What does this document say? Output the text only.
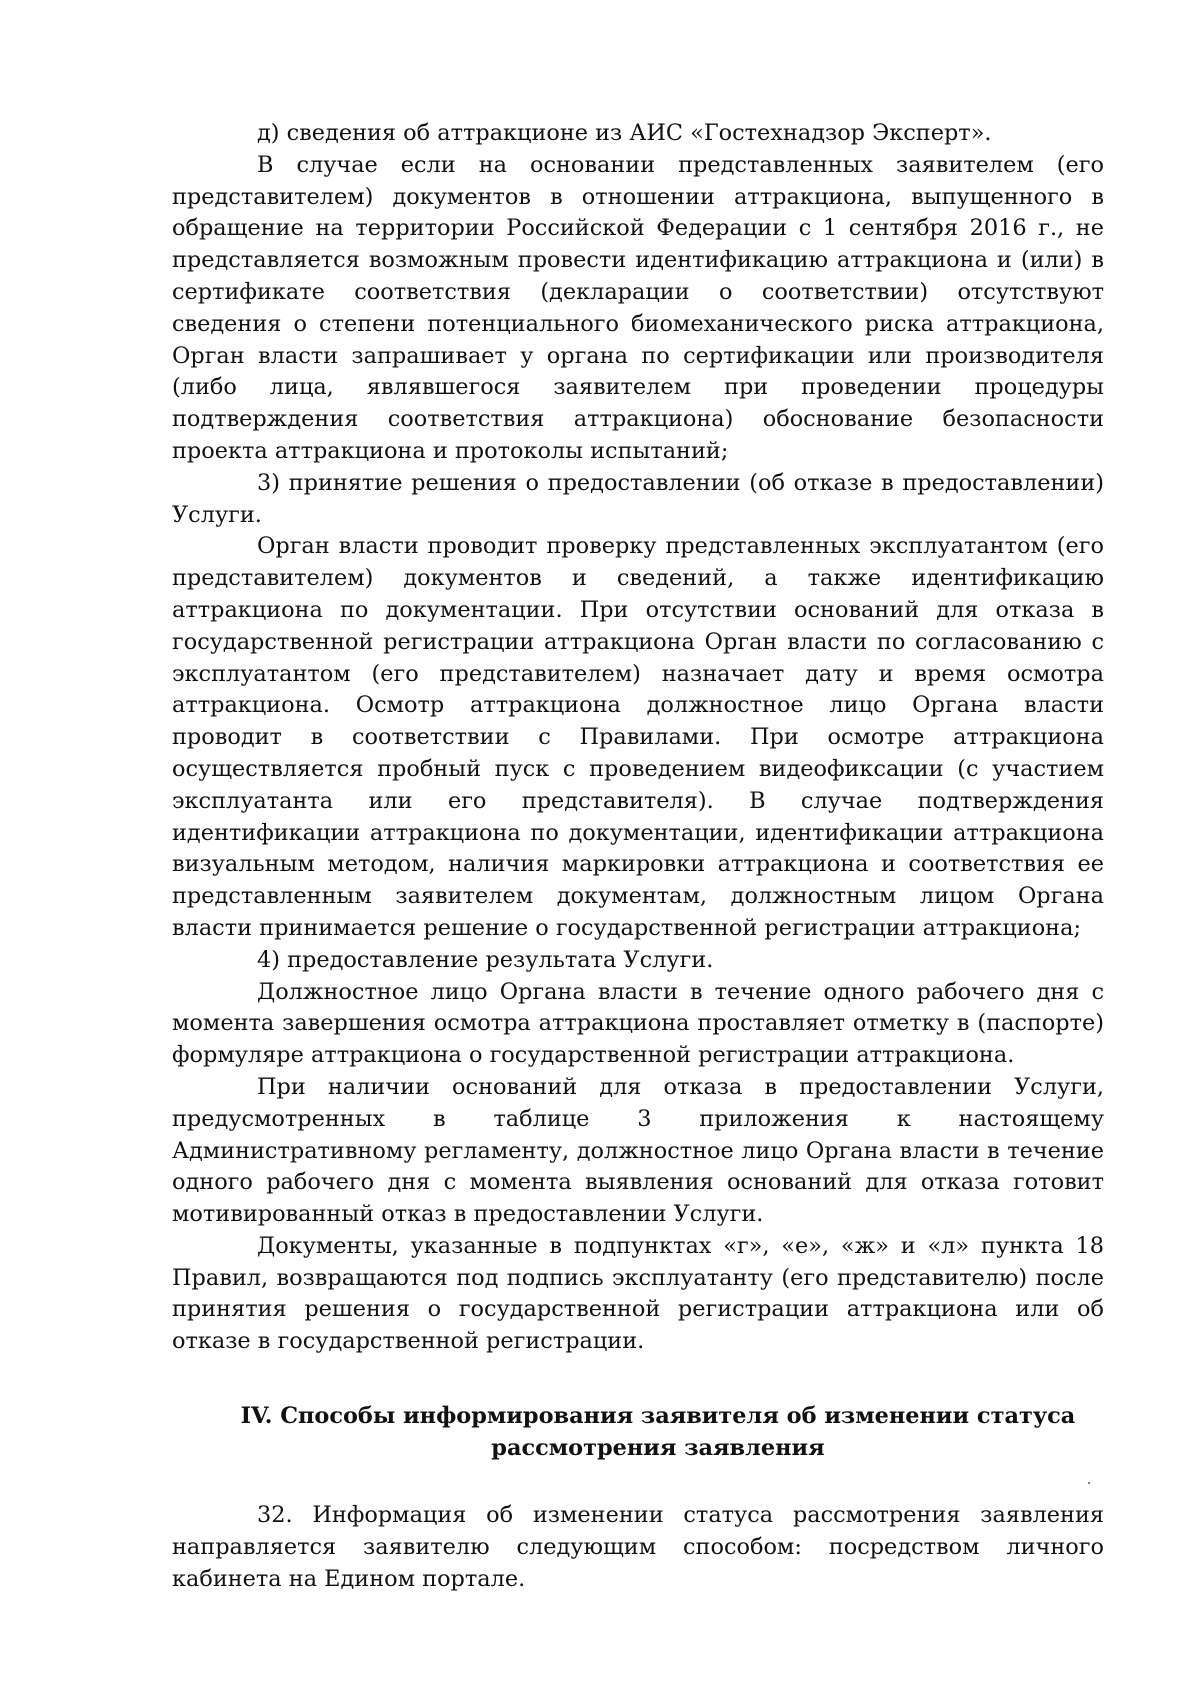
д) сведения об аттракционе из АИС «Гостехнадзор Эксперт».

В случае если на основании представленных заявителем (его представителем) документов в отношении аттракциона, выпущенного в обращение на территории Российской Федерации с 1 сентября 2016 г., не представляется возможным провести идентификацию аттракциона и (или) в сертификате соответствия (декларации о соответствии) отсутствуют сведения о степени потенциального биомеханического риска аттракциона, Орган власти запрашивает у органа по сертификации или производителя (либо лица, являвшегося заявителем при проведении процедуры подтверждения соответствия аттракциона) обоснование безопасности проекта аттракциона и протоколы испытаний;

3) принятие решения о предоставлении (об отказе в предоставлении) Услуги.

Орган власти проводит проверку представленных эксплуатантом (его представителем) документов и сведений, а также идентификацию аттракциона по документации. При отсутствии оснований для отказа в государственной регистрации аттракциона Орган власти по согласованию с эксплуатантом (его представителем) назначает дату и время осмотра аттракциона. Осмотр аттракциона должностное лицо Органа власти проводит в соответствии с Правилами. При осмотре аттракциона осуществляется пробный пуск с проведением видеофиксации (с участием эксплуатанта или его представителя). В случае подтверждения идентификации аттракциона по документации, идентификации аттракциона визуальным методом, наличия маркировки аттракциона и соответствия ее представленным заявителем документам, должностным лицом Органа власти принимается решение о государственной регистрации аттракциона;

4) предоставление результата Услуги.

Должностное лицо Органа власти в течение одного рабочего дня с момента завершения осмотра аттракциона проставляет отметку в (паспорте) формуляре аттракциона о государственной регистрации аттракциона.

При наличии оснований для отказа в предоставлении Услуги, предусмотренных в таблице 3 приложения к настоящему Административному регламенту, должностное лицо Органа власти в течение одного рабочего дня с момента выявления оснований для отказа готовит мотивированный отказ в предоставлении Услуги.

Документы, указанные в подпунктах «г», «е», «ж» и «л» пункта 18 Правил, возвращаются под подпись эксплуатанту (его представителю) после принятия решения о государственной регистрации аттракциона или об отказе в государственной регистрации.

IV. Способы информирования заявителя об изменении статуса
рассмотрения заявления

32. Информация об изменении статуса рассмотрения заявления направляется заявителю следующим способом: посредством личного кабинета на Едином портале.
